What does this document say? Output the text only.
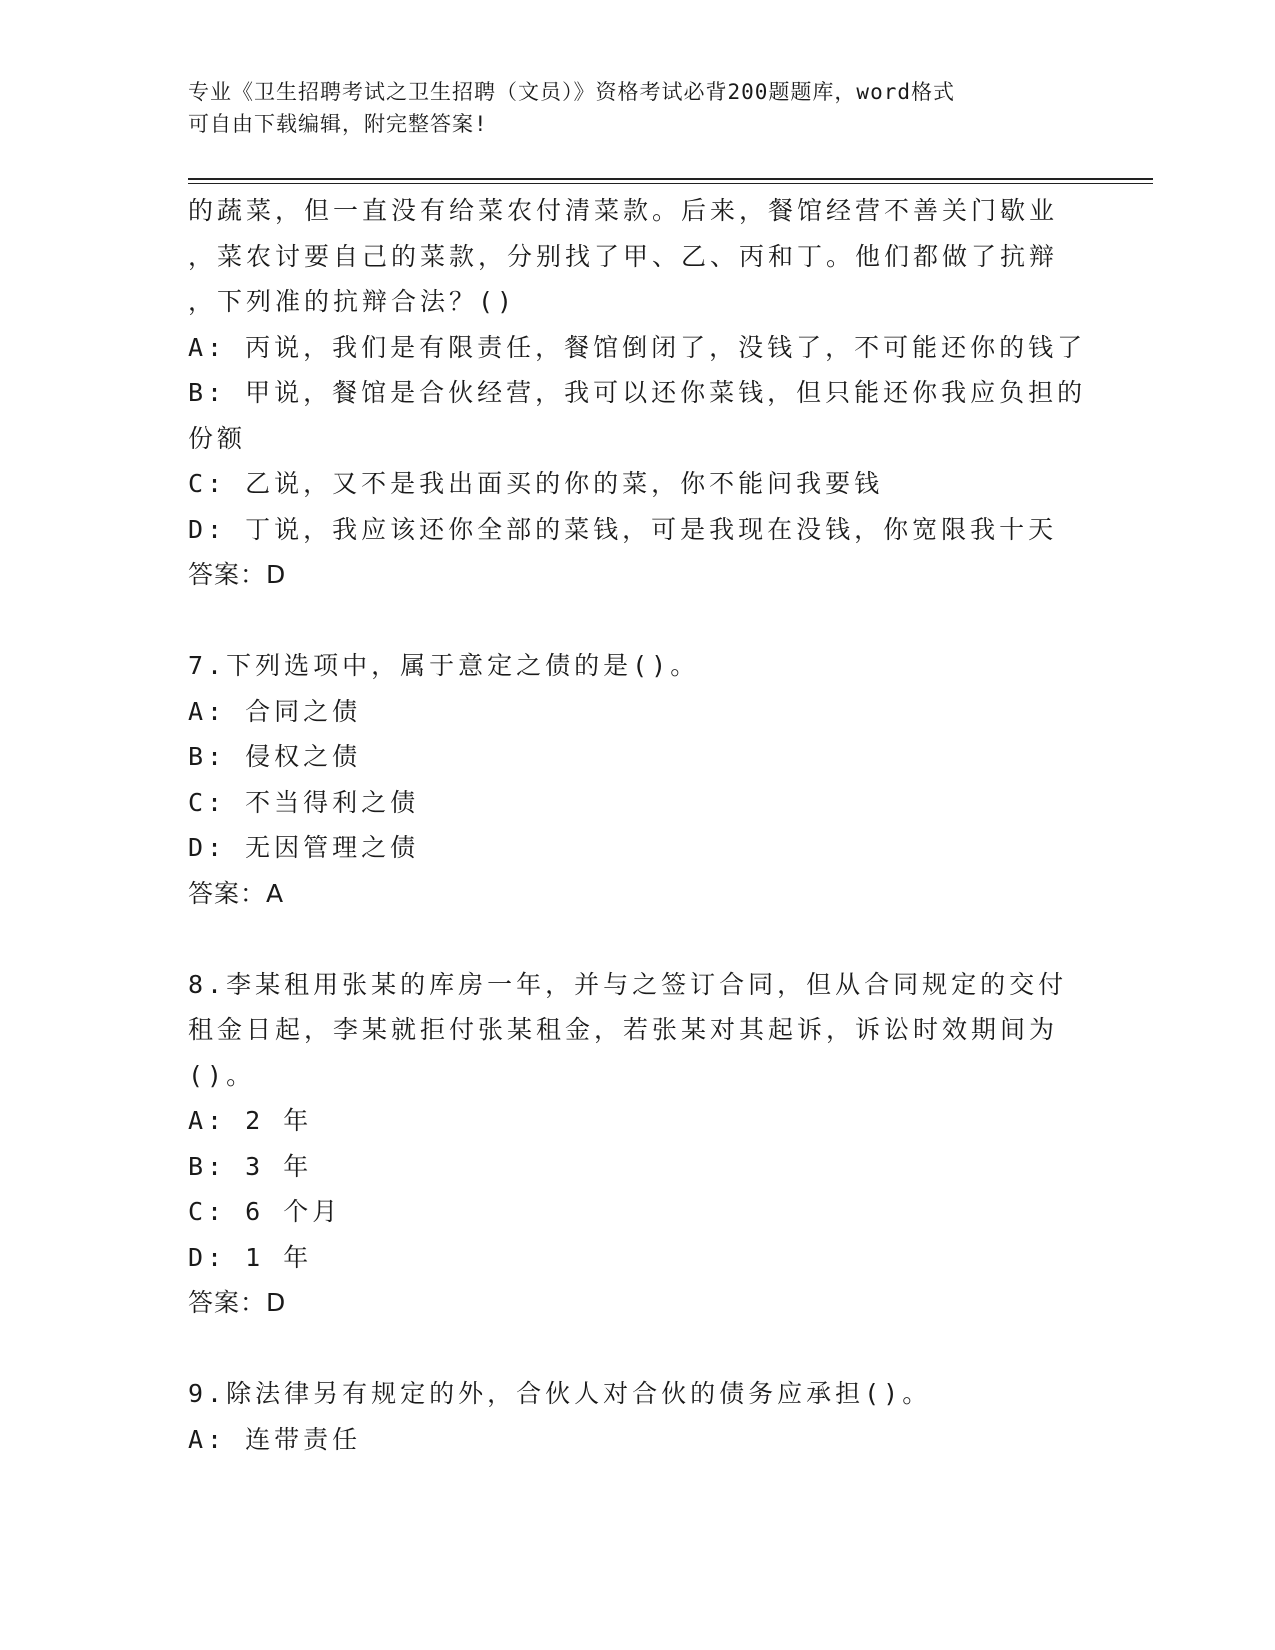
专业《卫生招聘考试之卫生招聘（文员）》资格考试必背200题题库，word格式
可自由下载编辑，附完整答案!
的蔬菜，但一直没有给菜农付清菜款。后来，餐馆经营不善关门歇业
，菜农讨要自己的菜款，分别找了甲、乙、丙和丁。他们都做了抗辩
，下列准的抗辩合法？()
A: 丙说，我们是有限责任，餐馆倒闭了，没钱了，不可能还你的钱了
B: 甲说，餐馆是合伙经营，我可以还你菜钱，但只能还你我应负担的
份额
C: 乙说，又不是我出面买的你的菜，你不能问我要钱
D: 丁说，我应该还你全部的菜钱，可是我现在没钱，你宽限我十天
答案：D
7.下列选项中，属于意定之债的是()。
A: 合同之债
B: 侵权之债
C: 不当得利之债
D: 无因管理之债
答案：A
8.李某租用张某的库房一年，并与之签订合同，但从合同规定的交付
租金日起，李某就拒付张某租金，若张某对其起诉，诉讼时效期间为
()。
A: 2 年
B: 3 年
C: 6 个月
D: 1 年
答案：D
9.除法律另有规定的外，合伙人对合伙的债务应承担()。
A: 连带责任
